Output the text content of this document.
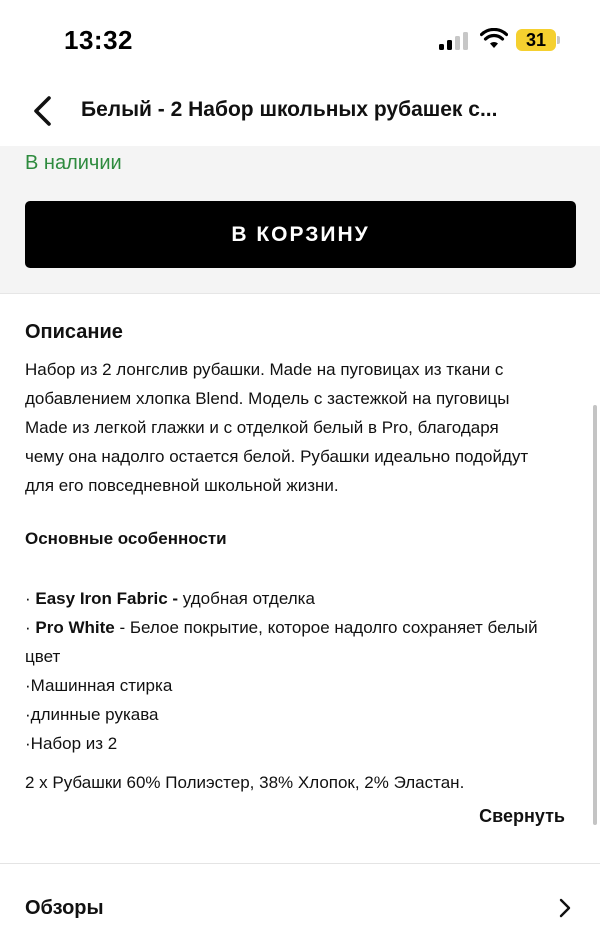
13:32	31
Белый - 2 Набор школьных рубашек с...
В наличии
В КОРЗИНУ
Описание
Набор из 2 лонгслив рубашки. Made на пуговицах из ткани с
добавлением хлопка Blend. Модель с застежкой на пуговицы
Made из легкой глажки и с отделкой белый в Pro, благодаря
чему она надолго остается белой. Рубашки идеально подойдут
для его повседневной школьной жизни.
Основные особенности
· Easy Iron Fabric - удобная отделка
· Pro White - Белое покрытие, которое надолго сохраняет белый цвет
·Машинная стирка
·длинные рукава
·Набор из 2
2 x Рубашки 60% Полиэстер, 38% Хлопок, 2% Эластан.
Свернуть
Обзоры
